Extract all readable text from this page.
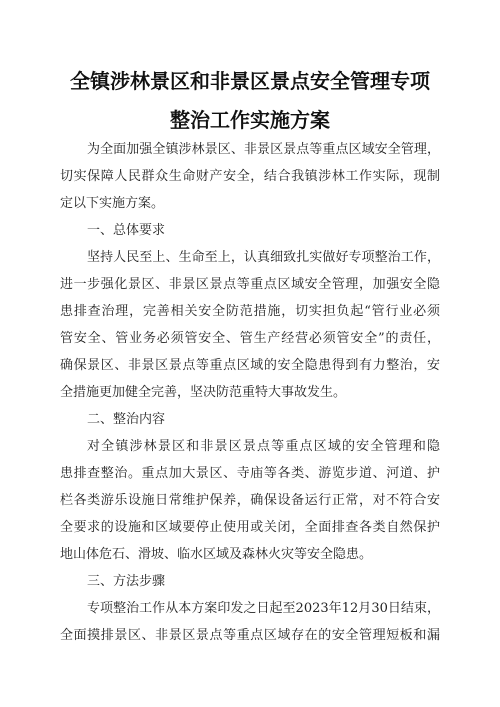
全镇涉林景区和非景区景点安全管理专项
整治工作实施方案
为全面加强全镇涉林景区、非景区景点等重点区域安全管理，
切实保障人民群众生命财产安全，结合我镇涉林工作实际，现制
定以下实施方案。
一、总体要求
坚持人民至上、生命至上，认真细致扎实做好专项整治工作，
进一步强化景区、非景区景点等重点区域安全管理，加强安全隐
患排查治理，完善相关安全防范措施，切实担负起“管行业必须
管安全、管业务必须管安全、管生产经营必须管安全”的责任，
确保景区、非景区景点等重点区域的安全隐患得到有力整治，安
全措施更加健全完善，坚决防范重特大事故发生。
二、整治内容
对全镇涉林景区和非景区景点等重点区域的安全管理和隐
患排查整治。重点加大景区、寺庙等各类、游览步道、河道、护
栏各类游乐设施日常维护保养，确保设备运行正常，对不符合安
全要求的设施和区域要停止使用或关闭，全面排查各类自然保护
地山体危石、滑坡、临水区域及森林火灾等安全隐患。
三、方法步骤
专项整治工作从本方案印发之日起至2023年12月30日结束，
全面摸排景区、非景区景点等重点区域存在的安全管理短板和漏
